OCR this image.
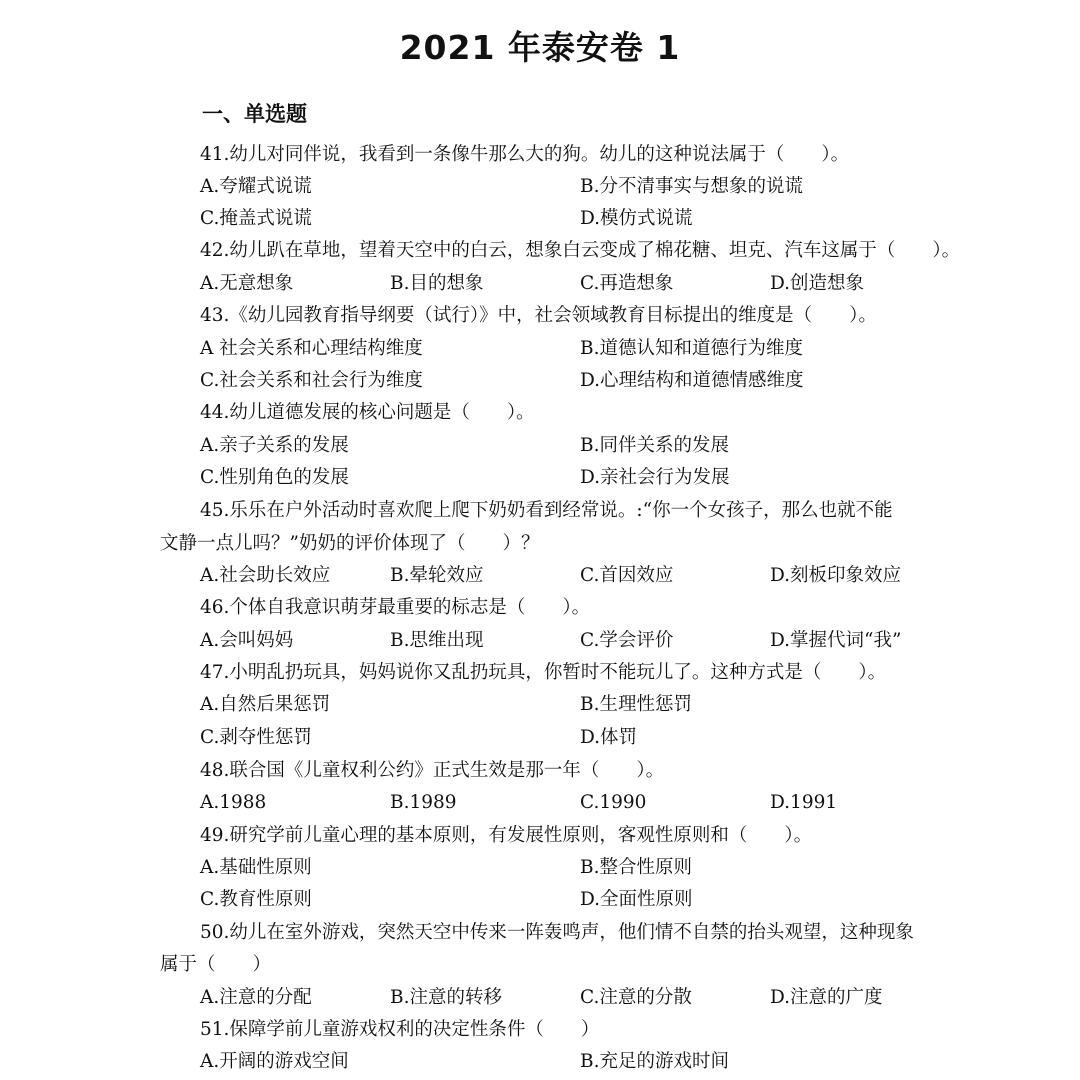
2021 年泰安卷 1
一、单选题
41.幼儿对同伴说，我看到一条像牛那么大的狗。幼儿的这种说法属于（　　）。
A.夸耀式说谎	B.分不清事实与想象的说谎
C.掩盖式说谎	D.模仿式说谎
42.幼儿趴在草地，望着天空中的白云，想象白云变成了棉花糖、坦克、汽车这属于（　　）。
A.无意想象	B.目的想象	C.再造想象	D.创造想象
43.《幼儿园教育指导纲要（试行）》中，社会领域教育目标提出的维度是（　　）。
A 社会关系和心理结构维度	B.道德认知和道德行为维度
C.社会关系和社会行为维度	D.心理结构和道德情感维度
44.幼儿道德发展的核心问题是（　　）。
A.亲子关系的发展	B.同伴关系的发展
C.性别角色的发展	D.亲社会行为发展
45.乐乐在户外活动时喜欢爬上爬下奶奶看到经常说。:“你一个女孩子，那么也就不能
文静一点儿吗？”奶奶的评价体现了（　　）？
A.社会助长效应	B.晕轮效应	C.首因效应	D.刻板印象效应
46.个体自我意识萌芽最重要的标志是（　　）。
A.会叫妈妈	B.思维出现	C.学会评价	D.掌握代词“我”
47.小明乱扔玩具，妈妈说你又乱扔玩具，你暂时不能玩儿了。这种方式是（　　）。
A.自然后果惩罚	B.生理性惩罚
C.剥夺性惩罚	D.体罚
48.联合国《儿童权利公约》正式生效是那一年（　　）。
A.1988	B.1989	C.1990	D.1991
49.研究学前儿童心理的基本原则，有发展性原则，客观性原则和（　　）。
A.基础性原则	B.整合性原则
C.教育性原则	D.全面性原则
50.幼儿在室外游戏，突然天空中传来一阵轰鸣声，他们情不自禁的抬头观望，这种现象
属于（　　）
A.注意的分配	B.注意的转移	C.注意的分散	D.注意的广度
51.保障学前儿童游戏权利的决定性条件（　　）
A.开阔的游戏空间	B.充足的游戏时间
